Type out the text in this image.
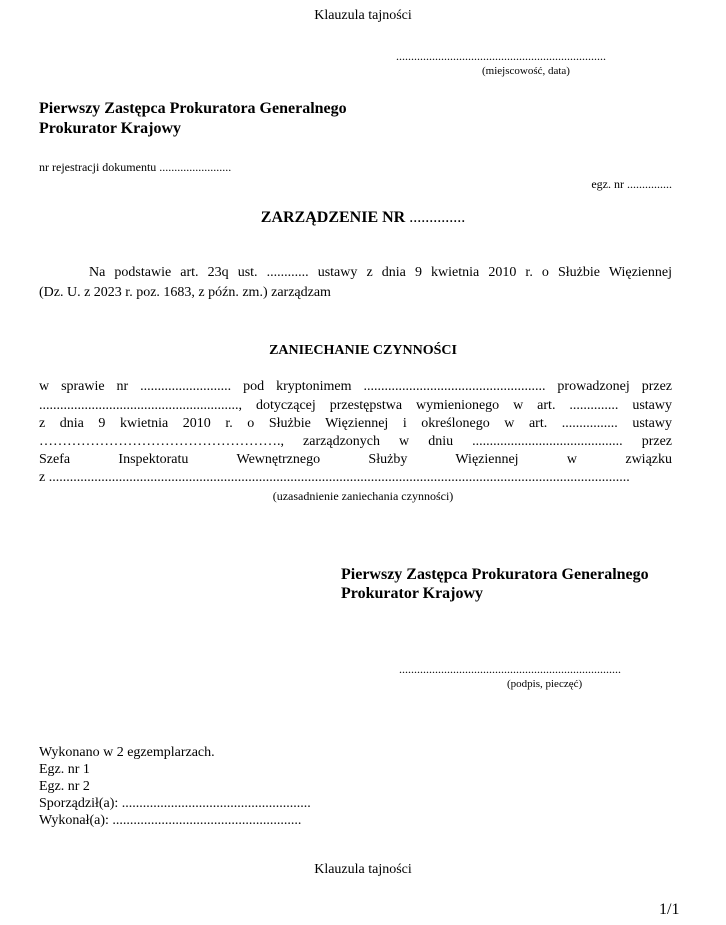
Klauzula tajności
......................................................................
(miejscowość, data)
Pierwszy Zastępca Prokuratora Generalnego
Prokurator Krajowy
nr rejestracji dokumentu ........................
egz. nr ...............
ZARZĄDZENIE NR ..............
Na podstawie art. 23q ust. ............ ustawy z dnia 9 kwietnia 2010 r. o Służbie Więziennej
(Dz. U. z 2023 r. poz. 1683, z późn. zm.) zarządzam
ZANIECHANIE CZYNNOŚCI
w sprawie nr .......................... pod kryptonimem .................................................... prowadzonej przez
........................................................., dotyczącej przestępstwa wymienionego w art. .............. ustawy
z dnia 9 kwietnia 2010 r. o Służbie Więziennej i określonego w art. ................ ustawy
……………………………………………., zarządzonych w dniu ........................................... przez
Szefa Inspektoratu Wewnętrznego Służby Więziennej w związku
z ......................................................................................................................................................................
(uzasadnienie zaniechania czynności)
Pierwszy Zastępca Prokuratora Generalnego
Prokurator Krajowy
..........................................................................
(podpis, pieczęć)
Wykonano w 2 egzemplarzach.
Egz. nr 1
Egz. nr 2
Sporządził(a): ......................................................
Wykonał(a): ......................................................
Klauzula tajności
1/1
